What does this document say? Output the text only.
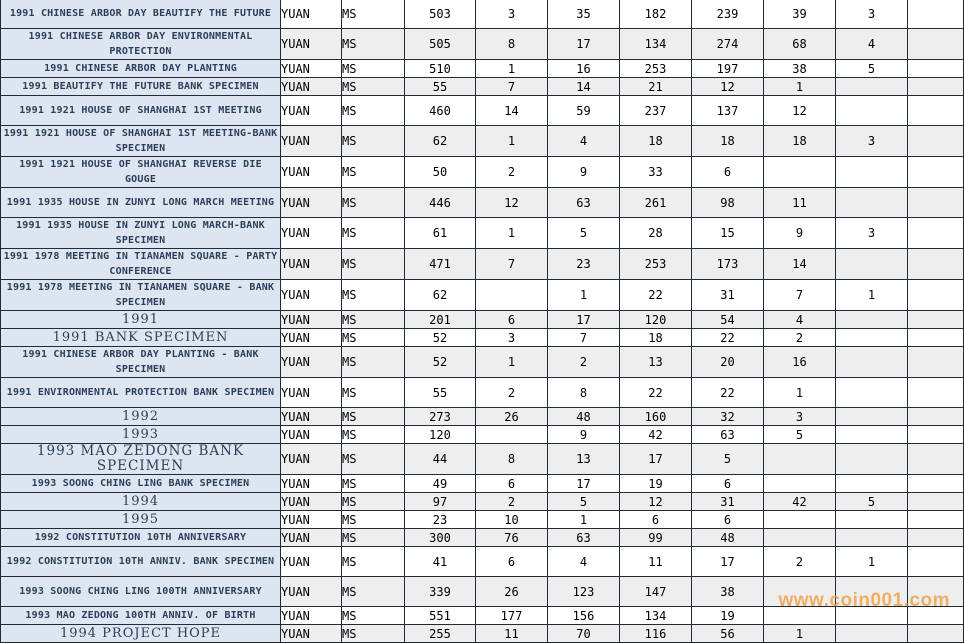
1991 CHINESE ARBOR DAY BEAUTIFY THE FUTURE	YUAN	MS	503	3	35	182	239	39	3	
1991 CHINESE ARBOR DAY ENVIRONMENTAL PROTECTION	YUAN	MS	505	8	17	134	274	68	4	
1991 CHINESE ARBOR DAY PLANTING	YUAN	MS	510	1	16	253	197	38	5	
1991 BEAUTIFY THE FUTURE BANK SPECIMEN	YUAN	MS	55	7	14	21	12	1		
1991 1921 HOUSE OF SHANGHAI 1ST MEETING	YUAN	MS	460	14	59	237	137	12		
1991 1921 HOUSE OF SHANGHAI 1ST MEETING-BANK SPECIMEN	YUAN	MS	62	1	4	18	18	18	3	
1991 1921 HOUSE OF SHANGHAI REVERSE DIE GOUGE	YUAN	MS	50	2	9	33	6			
1991 1935 HOUSE IN ZUNYI LONG MARCH MEETING	YUAN	MS	446	12	63	261	98	11		
1991 1935 HOUSE IN ZUNYI LONG MARCH-BANK SPECIMEN	YUAN	MS	61	1	5	28	15	9	3	
1991 1978 MEETING IN TIANAMEN SQUARE - PARTY CONFERENCE	YUAN	MS	471	7	23	253	173	14		
1991 1978 MEETING IN TIANAMEN SQUARE - BANK SPECIMEN	YUAN	MS	62		1	22	31	7	1	
1991	YUAN	MS	201	6	17	120	54	4		
1991 BANK SPECIMEN	YUAN	MS	52	3	7	18	22	2		
1991 CHINESE ARBOR DAY PLANTING - BANK SPECIMEN	YUAN	MS	52	1	2	13	20	16		
1991 ENVIRONMENTAL PROTECTION BANK SPECIMEN	YUAN	MS	55	2	8	22	22	1		
1992	YUAN	MS	273	26	48	160	32	3		
1993	YUAN	MS	120		9	42	63	5		
1993 MAO ZEDONG BANK SPECIMEN	YUAN	MS	44	8	13	17	5			
1993 SOONG CHING LING BANK SPECIMEN	YUAN	MS	49	6	17	19	6			
1994	YUAN	MS	97	2	5	12	31	42	5	
1995	YUAN	MS	23	10	1	6	6			
1992 CONSTITUTION 10TH ANNIVERSARY	YUAN	MS	300	76	63	99	48			
1992 CONSTITUTION 10TH ANNIV. BANK SPECIMEN	YUAN	MS	41	6	4	11	17	2	1	
1993 SOONG CHING LING 100TH ANNIVERSARY	YUAN	MS	339	26	123	147	38			
1993 MAO ZEDONG 100TH ANNIV. OF BIRTH	YUAN	MS	551	177	156	134	19			
1994 PROJECT HOPE	YUAN	MS	255	11	70	116	56	1		
www.coin001.com
